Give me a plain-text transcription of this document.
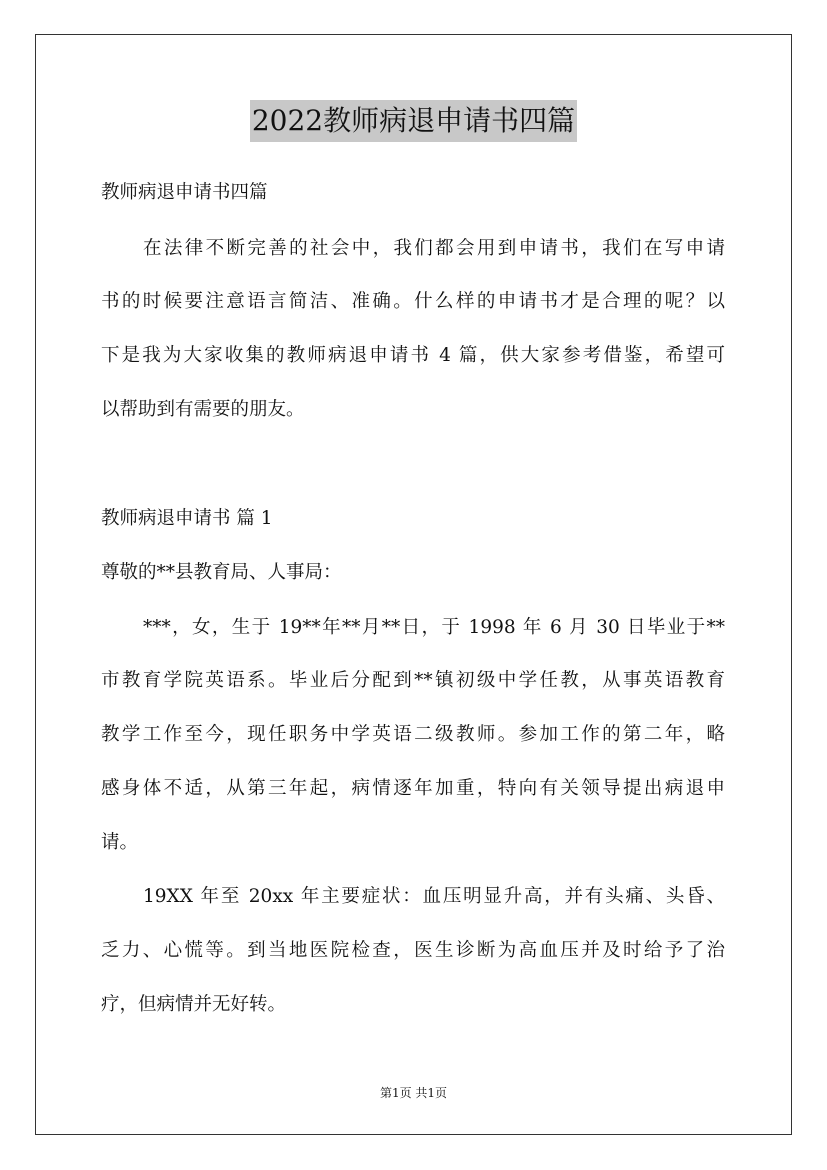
2022教师病退申请书四篇
教师病退申请书四篇
在法律不断完善的社会中，我们都会用到申请书，我们在写申请
书的时候要注意语言简洁、准确。什么样的申请书才是合理的呢？以
下是我为大家收集的教师病退申请书 4 篇，供大家参考借鉴，希望可
以帮助到有需要的朋友。
教师病退申请书 篇 1
尊敬的**县教育局、人事局：
***，女，生于 19**年**月**日，于 1998 年 6 月 30 日毕业于**
市教育学院英语系。毕业后分配到**镇初级中学任教，从事英语教育
教学工作至今，现任职务中学英语二级教师。参加工作的第二年，略
感身体不适，从第三年起，病情逐年加重，特向有关领导提出病退申
请。
19XX 年至 20xx 年主要症状：血压明显升高，并有头痛、头昏、
乏力、心慌等。到当地医院检查，医生诊断为高血压并及时给予了治
疗，但病情并无好转。
第1页 共1页
